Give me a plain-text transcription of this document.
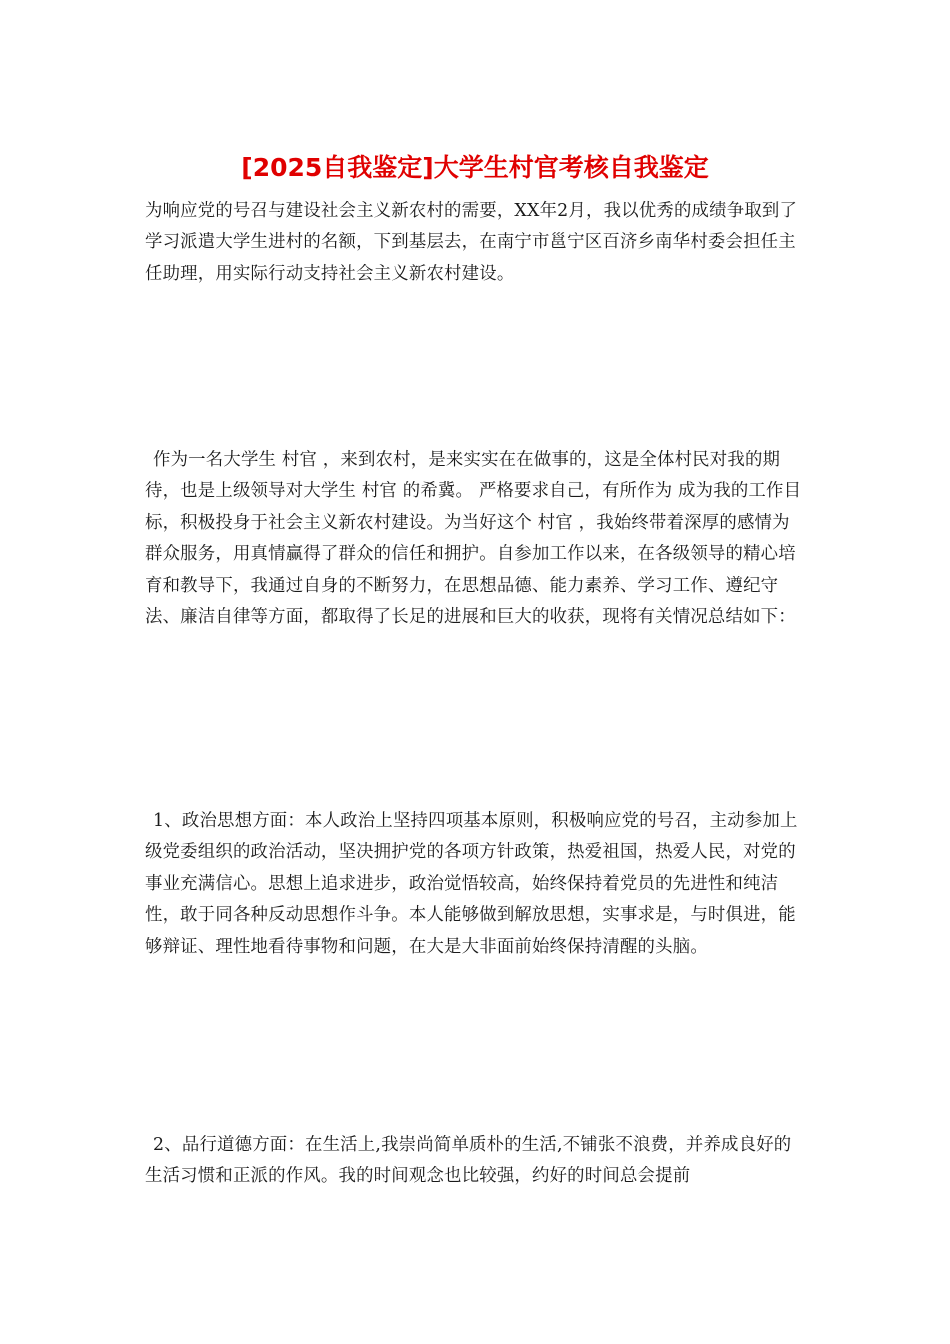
[2025自我鉴定]大学生村官考核自我鉴定

为响应党的号召与建设社会主义新农村的需要，XX年2月，我以优秀的成绩争取到了学习派遣大学生进村的名额，下到基层去，在南宁市邕宁区百济乡南华村委会担任主任助理，用实际行动支持社会主义新农村建设。

作为一名大学生 村官 ，来到农村，是来实实在在做事的，这是全体村民对我的期待，也是上级领导对大学生 村官 的希冀。 严格要求自己，有所作为 成为我的工作目标，积极投身于社会主义新农村建设。为当好这个 村官 ，我始终带着深厚的感情为群众服务，用真情赢得了群众的信任和拥护。自参加工作以来，在各级领导的精心培育和教导下，我通过自身的不断努力，在思想品德、能力素养、学习工作、遵纪守法、廉洁自律等方面，都取得了长足的进展和巨大的收获，现将有关情况总结如下：

1、政治思想方面：本人政治上坚持四项基本原则，积极响应党的号召，主动参加上级党委组织的政治活动，坚决拥护党的各项方针政策，热爱祖国，热爱人民，对党的事业充满信心。思想上追求进步，政治觉悟较高，始终保持着党员的先进性和纯洁性，敢于同各种反动思想作斗争。本人能够做到解放思想，实事求是，与时俱进，能够辩证、理性地看待事物和问题，在大是大非面前始终保持清醒的头脑。

2、品行道德方面：在生活上,我崇尚简单质朴的生活,不铺张不浪费，并养成良好的生活习惯和正派的作风。我的时间观念也比较强，约好的时间总会提前
